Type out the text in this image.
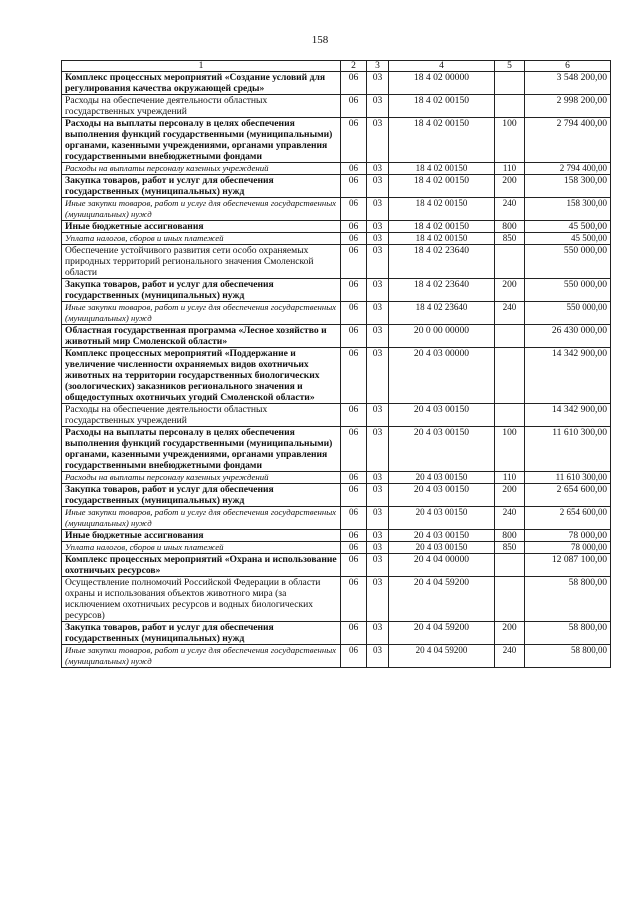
158
1	2	3	4	5	6
Комплекс процессных мероприятий «Создание условий для регулирования качества окружающей среды»	06	03	18 4 02 00000		3 548 200,00
Расходы на обеспечение деятельности областных государственных учреждений	06	03	18 4 02 00150		2 998 200,00
Расходы на выплаты персоналу в целях обеспечения выполнения функций государственными (муниципальными) органами, казенными учреждениями, органами управления государственными внебюджетными фондами	06	03	18 4 02 00150	100	2 794 400,00
Расходы на выплаты персоналу казенных учреждений	06	03	18 4 02 00150	110	2 794 400,00
Закупка товаров, работ и услуг для обеспечения государственных (муниципальных) нужд	06	03	18 4 02 00150	200	158 300,00
Иные закупки товаров, работ и услуг для обеспечения государственных (муниципальных) нужд	06	03	18 4 02 00150	240	158 300,00
Иные бюджетные ассигнования	06	03	18 4 02 00150	800	45 500,00
Уплата налогов, сборов и иных платежей	06	03	18 4 02 00150	850	45 500,00
Обеспечение устойчивого развития сети особо охраняемых природных территорий регионального значения Смоленской области	06	03	18 4 02 23640		550 000,00
Закупка товаров, работ и услуг для обеспечения государственных (муниципальных) нужд	06	03	18 4 02 23640	200	550 000,00
Иные закупки товаров, работ и услуг для обеспечения государственных (муниципальных) нужд	06	03	18 4 02 23640	240	550 000,00
Областная государственная программа «Лесное хозяйство и животный мир Смоленской области»	06	03	20 0 00 00000		26 430 000,00
Комплекс процессных мероприятий «Поддержание и увеличение численности охраняемых видов охотничьих животных на территории государственных биологических (зоологических) заказников регионального значения и общедоступных охотничьих угодий Смоленской области»	06	03	20 4 03 00000		14 342 900,00
Расходы на обеспечение деятельности областных государственных учреждений	06	03	20 4 03 00150		14 342 900,00
Расходы на выплаты персоналу в целях обеспечения выполнения функций государственными (муниципальными) органами, казенными учреждениями, органами управления государственными внебюджетными фондами	06	03	20 4 03 00150	100	11 610 300,00
Расходы на выплаты персоналу казенных учреждений	06	03	20 4 03 00150	110	11 610 300,00
Закупка товаров, работ и услуг для обеспечения государственных (муниципальных) нужд	06	03	20 4 03 00150	200	2 654 600,00
Иные закупки товаров, работ и услуг для обеспечения государственных (муниципальных) нужд	06	03	20 4 03 00150	240	2 654 600,00
Иные бюджетные ассигнования	06	03	20 4 03 00150	800	78 000,00
Уплата налогов, сборов и иных платежей	06	03	20 4 03 00150	850	78 000,00
Комплекс процессных мероприятий «Охрана и использование охотничьих ресурсов»	06	03	20 4 04 00000		12 087 100,00
Осуществление полномочий Российской Федерации в области охраны и использования объектов животного мира (за исключением охотничьих ресурсов и водных биологических ресурсов)	06	03	20 4 04 59200		58 800,00
Закупка товаров, работ и услуг для обеспечения государственных (муниципальных) нужд	06	03	20 4 04 59200	200	58 800,00
Иные закупки товаров, работ и услуг для обеспечения государственных (муниципальных) нужд	06	03	20 4 04 59200	240	58 800,00
